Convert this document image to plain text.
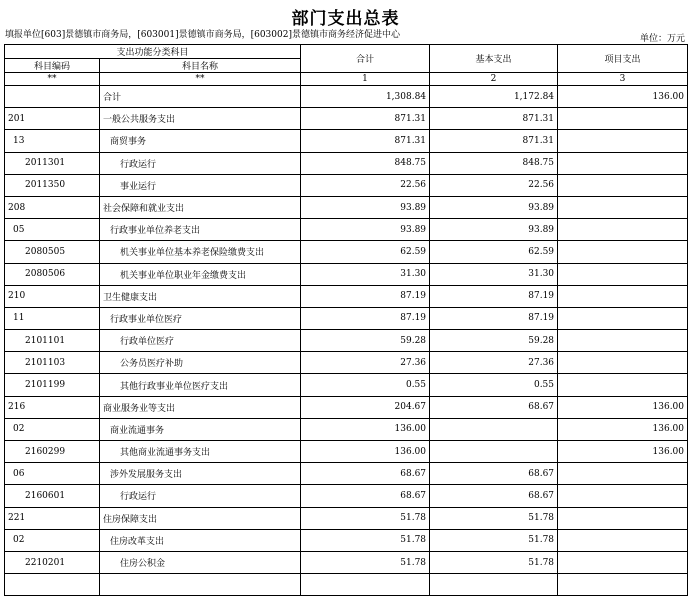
部门支出总表
填报单位[603]景德镇市商务局，[603001]景德镇市商务局，[603002]景德镇市商务经济促进中心	单位：万元
支出功能分类科目		合计	基本支出	项目支出
科目编码	科目名称			
**	**	1	2	3
	合计	1,308.84	1,172.84	136.00
201	一般公共服务支出	871.31	871.31	
13	商贸事务	871.31	871.31	
2011301	行政运行	848.75	848.75	
2011350	事业运行	22.56	22.56	
208	社会保障和就业支出	93.89	93.89	
05	行政事业单位养老支出	93.89	93.89	
2080505	机关事业单位基本养老保险缴费支出	62.59	62.59	
2080506	机关事业单位职业年金缴费支出	31.30	31.30	
210	卫生健康支出	87.19	87.19	
11	行政事业单位医疗	87.19	87.19	
2101101	行政单位医疗	59.28	59.28	
2101103	公务员医疗补助	27.36	27.36	
2101199	其他行政事业单位医疗支出	0.55	0.55	
216	商业服务业等支出	204.67	68.67	136.00
02	商业流通事务	136.00		136.00
2160299	其他商业流通事务支出	136.00		136.00
06	涉外发展服务支出	68.67	68.67	
2160601	行政运行	68.67	68.67	
221	住房保障支出	51.78	51.78	
02	住房改革支出	51.78	51.78	
2210201	住房公积金	51.78	51.78	
